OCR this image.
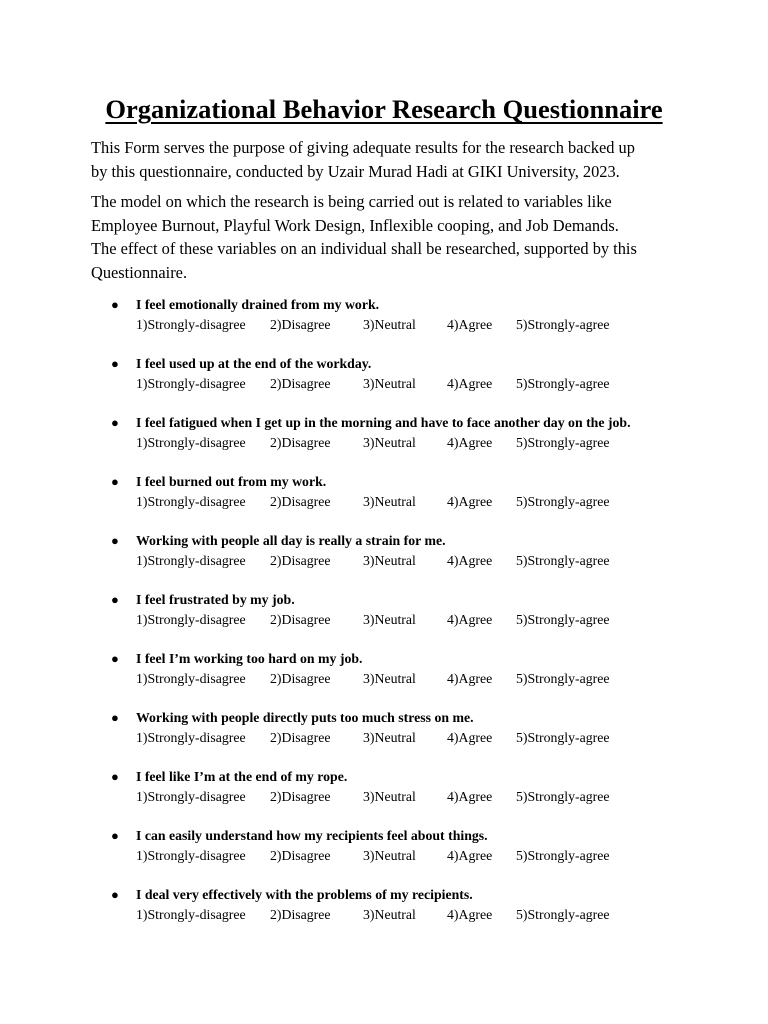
Organizational Behavior Research Questionnaire

This Form serves the purpose of giving adequate results for the research backed up
by this questionnaire, conducted by Uzair Murad Hadi at GIKI University, 2023.

The model on which the research is being carried out is related to variables like
Employee Burnout, Playful Work Design, Inflexible cooping, and Job Demands.
The effect of these variables on an individual shall be researched, supported by this
Questionnaire.

● I feel emotionally drained from my work.
1)Strongly-disagree 2)Disagree 3)Neutral 4)Agree 5)Strongly-agree
● I feel used up at the end of the workday.
1)Strongly-disagree 2)Disagree 3)Neutral 4)Agree 5)Strongly-agree
● I feel fatigued when I get up in the morning and have to face another day on the job.
1)Strongly-disagree 2)Disagree 3)Neutral 4)Agree 5)Strongly-agree
● I feel burned out from my work.
1)Strongly-disagree 2)Disagree 3)Neutral 4)Agree 5)Strongly-agree
● Working with people all day is really a strain for me.
1)Strongly-disagree 2)Disagree 3)Neutral 4)Agree 5)Strongly-agree
● I feel frustrated by my job.
1)Strongly-disagree 2)Disagree 3)Neutral 4)Agree 5)Strongly-agree
● I feel I’m working too hard on my job.
1)Strongly-disagree 2)Disagree 3)Neutral 4)Agree 5)Strongly-agree
● Working with people directly puts too much stress on me.
1)Strongly-disagree 2)Disagree 3)Neutral 4)Agree 5)Strongly-agree
● I feel like I’m at the end of my rope.
1)Strongly-disagree 2)Disagree 3)Neutral 4)Agree 5)Strongly-agree
● I can easily understand how my recipients feel about things.
1)Strongly-disagree 2)Disagree 3)Neutral 4)Agree 5)Strongly-agree
● I deal very effectively with the problems of my recipients.
1)Strongly-disagree 2)Disagree 3)Neutral 4)Agree 5)Strongly-agree
